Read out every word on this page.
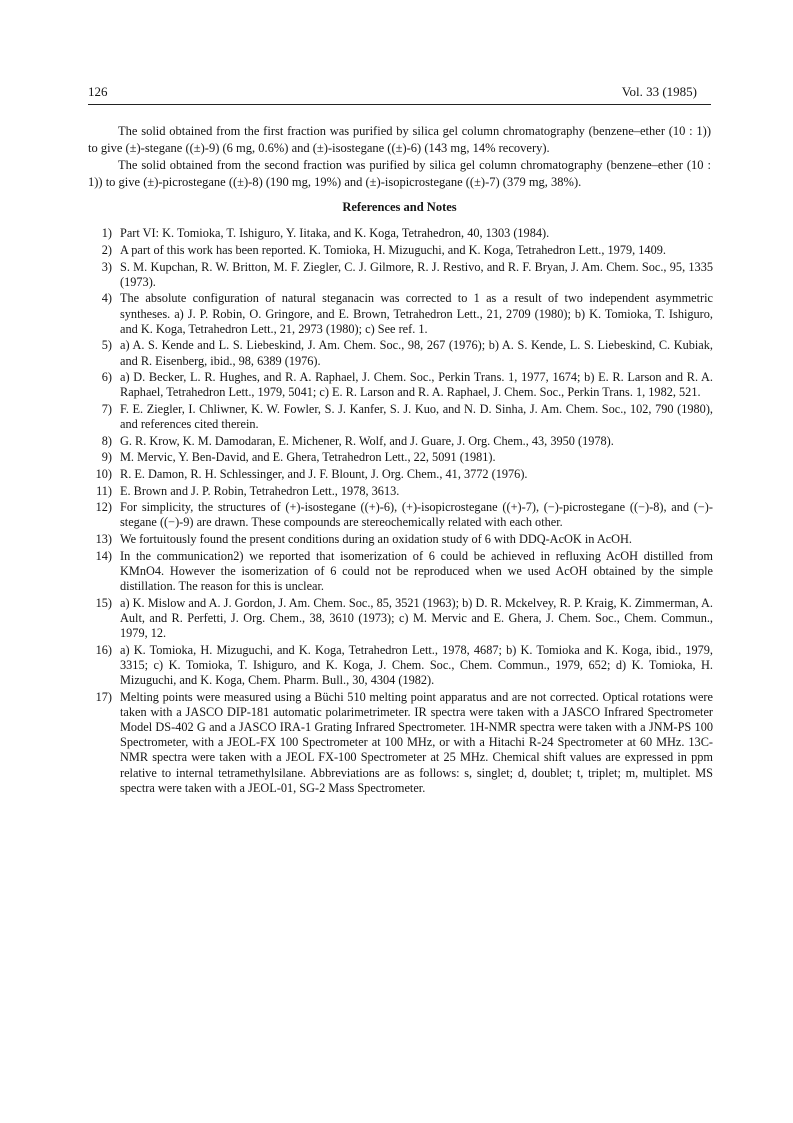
126	Vol. 33 (1985)

The solid obtained from the first fraction was purified by silica gel column chromatography (benzene–ether (10 : 1)) to give (±)-stegane ((±)-9) (6 mg, 0.6%) and (±)-isostegane ((±)-6) (143 mg, 14% recovery).

The solid obtained from the second fraction was purified by silica gel column chromatography (benzene–ether (10 : 1)) to give (±)-picrostegane ((±)-8) (190 mg, 19%) and (±)-isopicrostegane ((±)-7) (379 mg, 38%).

References and Notes
1) Part VI: K. Tomioka, T. Ishiguro, Y. Iitaka, and K. Koga, Tetrahedron, 40, 1303 (1984).
2) A part of this work has been reported. K. Tomioka, H. Mizuguchi, and K. Koga, Tetrahedron Lett., 1979, 1409.
3) S. M. Kupchan, R. W. Britton, M. F. Ziegler, C. J. Gilmore, R. J. Restivo, and R. F. Bryan, J. Am. Chem. Soc., 95, 1335 (1973).
4) The absolute configuration of natural steganacin was corrected to 1 as a result of two independent asymmetric syntheses. a) J. P. Robin, O. Gringore, and E. Brown, Tetrahedron Lett., 21, 2709 (1980); b) K. Tomioka, T. Ishiguro, and K. Koga, Tetrahedron Lett., 21, 2973 (1980); c) See ref. 1.
5) a) A. S. Kende and L. S. Liebeskind, J. Am. Chem. Soc., 98, 267 (1976); b) A. S. Kende, L. S. Liebeskind, C. Kubiak, and R. Eisenberg, ibid., 98, 6389 (1976).
6) a) D. Becker, L. R. Hughes, and R. A. Raphael, J. Chem. Soc., Perkin Trans. 1, 1977, 1674; b) E. R. Larson and R. A. Raphael, Tetrahedron Lett., 1979, 5041; c) E. R. Larson and R. A. Raphael, J. Chem. Soc., Perkin Trans. 1, 1982, 521.
7) F. E. Ziegler, I. Chliwner, K. W. Fowler, S. J. Kanfer, S. J. Kuo, and N. D. Sinha, J. Am. Chem. Soc., 102, 790 (1980), and references cited therein.
8) G. R. Krow, K. M. Damodaran, E. Michener, R. Wolf, and J. Guare, J. Org. Chem., 43, 3950 (1978).
9) M. Mervic, Y. Ben-David, and E. Ghera, Tetrahedron Lett., 22, 5091 (1981).
10) R. E. Damon, R. H. Schlessinger, and J. F. Blount, J. Org. Chem., 41, 3772 (1976).
11) E. Brown and J. P. Robin, Tetrahedron Lett., 1978, 3613.
12) For simplicity, the structures of (+)-isostegane ((+)-6), (+)-isopicrostegane ((+)-7), (−)-picrostegane ((−)-8), and (−)-stegane ((−)-9) are drawn. These compounds are stereochemically related with each other.
13) We fortuitously found the present conditions during an oxidation study of 6 with DDQ-AcOK in AcOH.
14) In the communication2) we reported that isomerization of 6 could be achieved in refluxing AcOH distilled from KMnO4. However the isomerization of 6 could not be reproduced when we used AcOH obtained by the simple distillation. The reason for this is unclear.
15) a) K. Mislow and A. J. Gordon, J. Am. Chem. Soc., 85, 3521 (1963); b) D. R. Mckelvey, R. P. Kraig, K. Zimmerman, A. Ault, and R. Perfetti, J. Org. Chem., 38, 3610 (1973); c) M. Mervic and E. Ghera, J. Chem. Soc., Chem. Commun., 1979, 12.
16) a) K. Tomioka, H. Mizuguchi, and K. Koga, Tetrahedron Lett., 1978, 4687; b) K. Tomioka and K. Koga, ibid., 1979, 3315; c) K. Tomioka, T. Ishiguro, and K. Koga, J. Chem. Soc., Chem. Commun., 1979, 652; d) K. Tomioka, H. Mizuguchi, and K. Koga, Chem. Pharm. Bull., 30, 4304 (1982).
17) Melting points were measured using a Büchi 510 melting point apparatus and are not corrected. Optical rotations were taken with a JASCO DIP-181 automatic polarimetrimeter. IR spectra were taken with a JASCO Infrared Spectrometer Model DS-402 G and a JASCO IRA-1 Grating Infrared Spectrometer. 1H-NMR spectra were taken with a JNM-PS 100 Spectrometer, with a JEOL-FX 100 Spectrometer at 100 MHz, or with a Hitachi R-24 Spectrometer at 60 MHz. 13C-NMR spectra were taken with a JEOL FX-100 Spectrometer at 25 MHz. Chemical shift values are expressed in ppm relative to internal tetramethylsilane. Abbreviations are as follows: s, singlet; d, doublet; t, triplet; m, multiplet. MS spectra were taken with a JEOL-01, SG-2 Mass Spectrometer.
